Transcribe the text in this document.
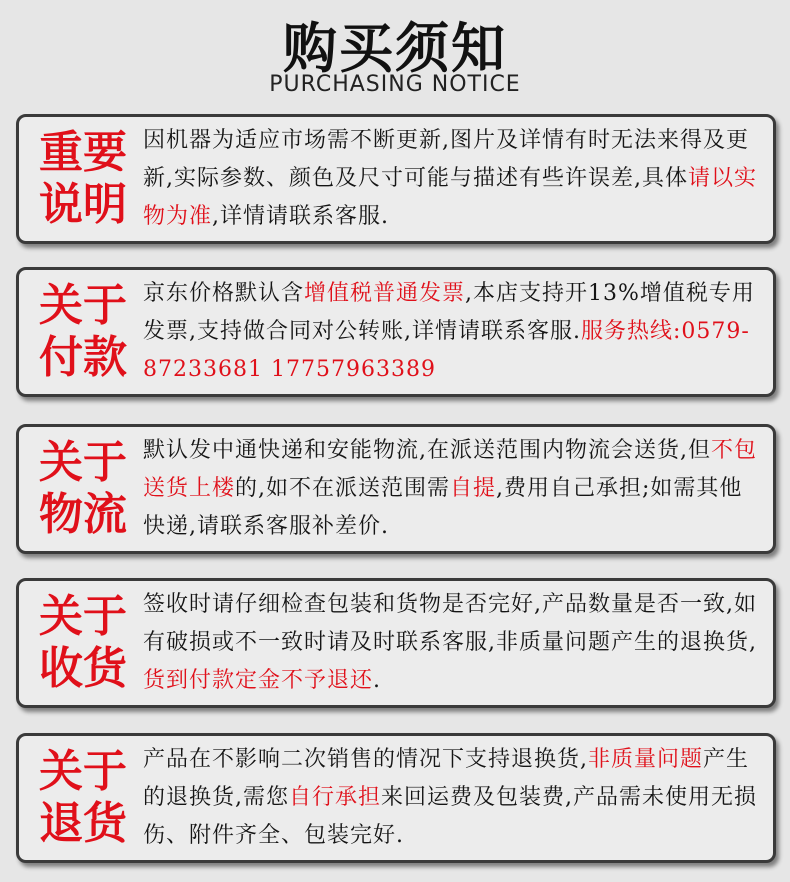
购买须知
PURCHASING NOTICE
重要
说明

因机器为适应市场需不断更新,图片及详情有时无法来得及更新,实际参数、颜色及尺寸可能与描述有些许误差,具体请以实物为准,详情请联系客服.

关于
付款

京东价格默认含增值税普通发票,本店支持开13%增值税专用发票,支持做合同对公转账,详情请联系客服.服务热线:0579-87233681 17757963389

关于
物流

默认发中通快递和安能物流,在派送范围内物流会送货,但不包送货上楼的,如不在派送范围需自提,费用自己承担;如需其他快递,请联系客服补差价.

关于
收货

签收时请仔细检查包装和货物是否完好,产品数量是否一致,如有破损或不一致时请及时联系客服,非质量问题产生的退换货,货到付款定金不予退还.

关于
退货

产品在不影响二次销售的情况下支持退换货,非质量问题产生的退换货,需您自行承担来回运费及包装费,产品需未使用无损伤、附件齐全、包装完好.
